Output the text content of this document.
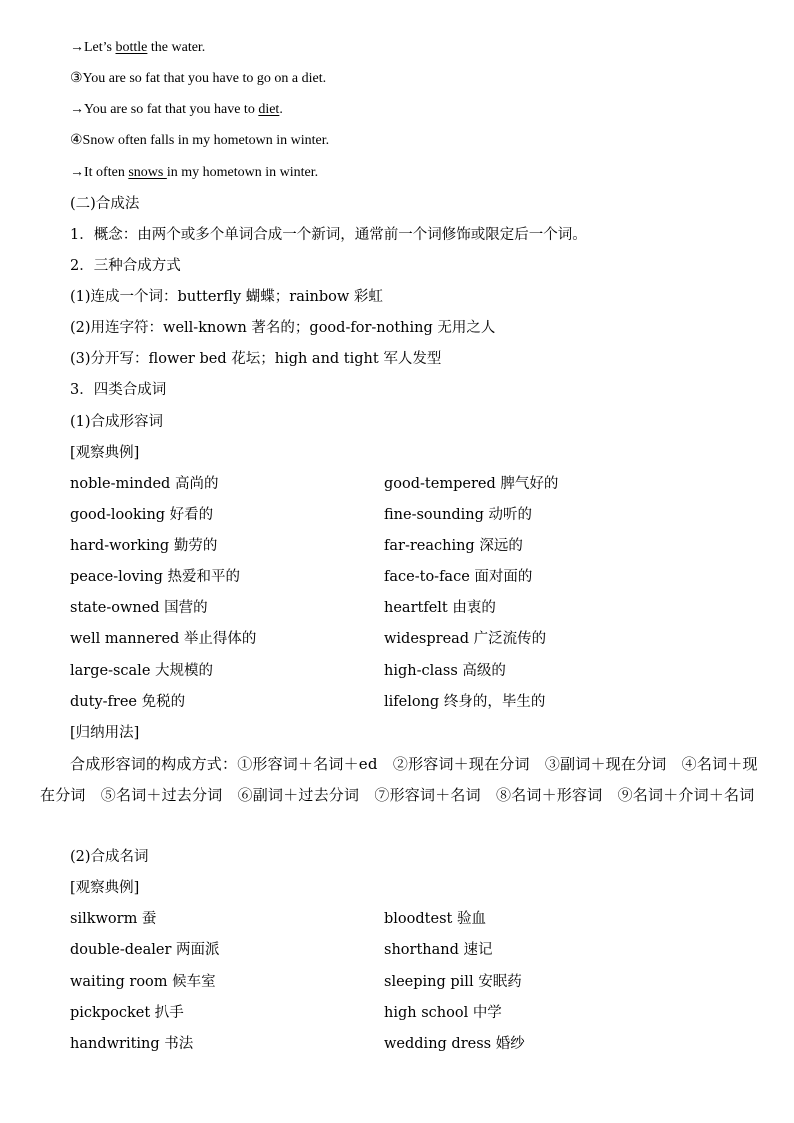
→Let’s bottle the water.
③You are so fat that you have to go on a diet.
→You are so fat that you have to diet.
④Snow often falls in my hometown in winter.
→It often snows in my hometown in winter.
(二)合成法
1．概念：由两个或多个单词合成一个新词，通常前一个词修饰或限定后一个词。
2．三种合成方式
(1)连成一个词：butterfly 蝴蝶；rainbow 彩虹
(2)用连字符：well-known 著名的；good-for-nothing 无用之人
(3)分开写：flower bed 花坛；high and tight 军人发型
3．四类合成词
(1)合成形容词
[观察典例]
noble-minded 高尚的	good-tempered 脾气好的
good-looking 好看的	fine-sounding 动听的
hard-working 勤劳的	far-reaching 深远的
peace-loving 热爱和平的	face-to-face 面对面的
state-owned 国营的	heartfelt 由衷的
well mannered 举止得体的	widespread 广泛流传的
large-scale 大规模的	high-class 高级的
duty-free 免税的	lifelong 终身的，毕生的
[归纳用法]
合成形容词的构成方式：①形容词＋名词＋ed　②形容词＋现在分词　③副词＋现在分词　④名词＋现在分词　⑤名词＋过去分词　⑥副词＋过去分词　⑦形容词＋名词　⑧名词＋形容词　⑨名词＋介词＋名词
(2)合成名词
[观察典例]
silkworm 蚕	bloodtest 验血
double-dealer 两面派	shorthand 速记
waiting room 候车室	sleeping pill 安眠药
pickpocket 扒手	high school 中学
handwriting 书法	wedding dress 婚纱
